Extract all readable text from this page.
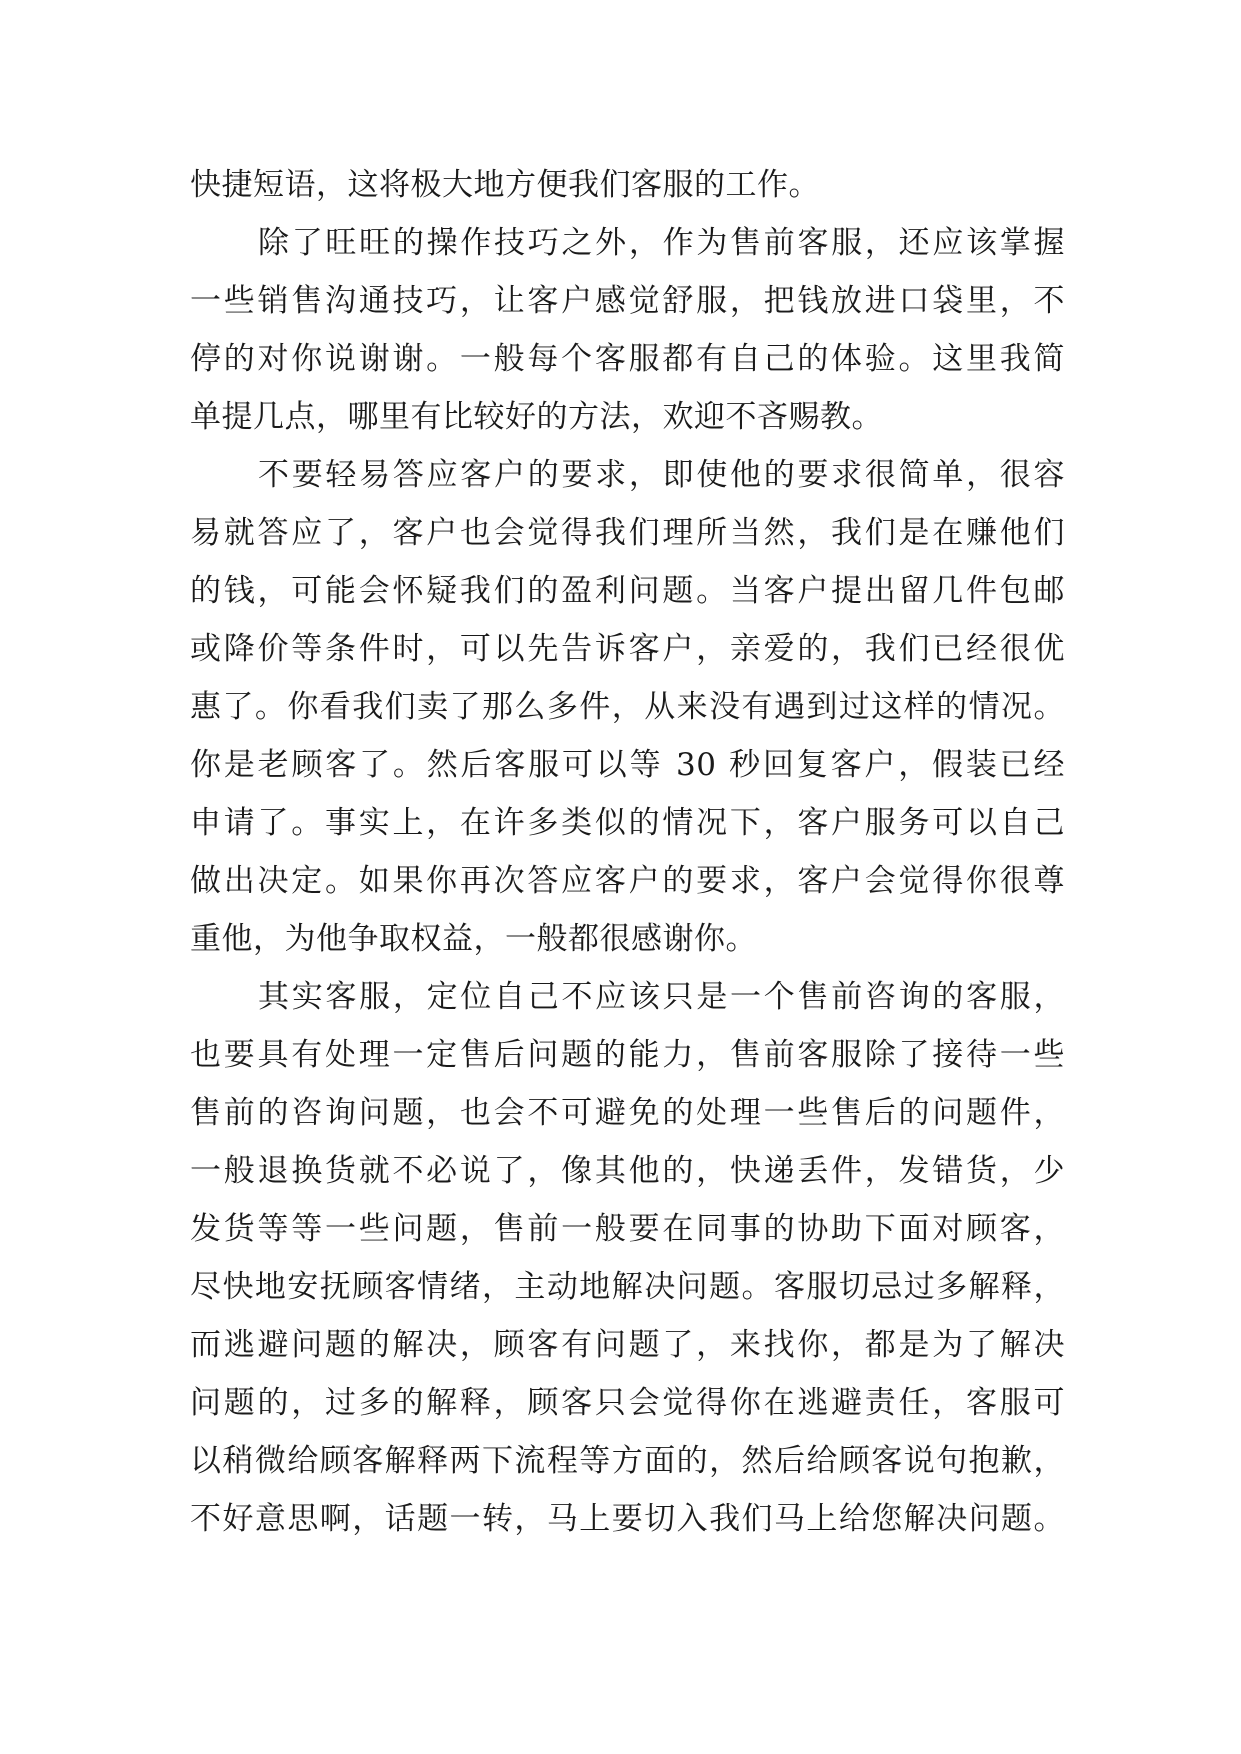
快捷短语，这将极大地方便我们客服的工作。
除了旺旺的操作技巧之外，作为售前客服，还应该掌握
一些销售沟通技巧，让客户感觉舒服，把钱放进口袋里，不
停的对你说谢谢。一般每个客服都有自己的体验。这里我简
单提几点，哪里有比较好的方法，欢迎不吝赐教。
不要轻易答应客户的要求，即使他的要求很简单，很容
易就答应了，客户也会觉得我们理所当然，我们是在赚他们
的钱，可能会怀疑我们的盈利问题。当客户提出留几件包邮
或降价等条件时，可以先告诉客户，亲爱的，我们已经很优
惠了。你看我们卖了那么多件，从来没有遇到过这样的情况。
你是老顾客了。然后客服可以等 30 秒回复客户，假装已经
申请了。事实上，在许多类似的情况下，客户服务可以自己
做出决定。如果你再次答应客户的要求，客户会觉得你很尊
重他，为他争取权益，一般都很感谢你。
其实客服，定位自己不应该只是一个售前咨询的客服，
也要具有处理一定售后问题的能力，售前客服除了接待一些
售前的咨询问题，也会不可避免的处理一些售后的问题件，
一般退换货就不必说了，像其他的，快递丢件，发错货，少
发货等等一些问题，售前一般要在同事的协助下面对顾客，
尽快地安抚顾客情绪，主动地解决问题。客服切忌过多解释，
而逃避问题的解决，顾客有问题了，来找你，都是为了解决
问题的，过多的解释，顾客只会觉得你在逃避责任，客服可
以稍微给顾客解释两下流程等方面的，然后给顾客说句抱歉，
不好意思啊，话题一转，马上要切入我们马上给您解决问题。
